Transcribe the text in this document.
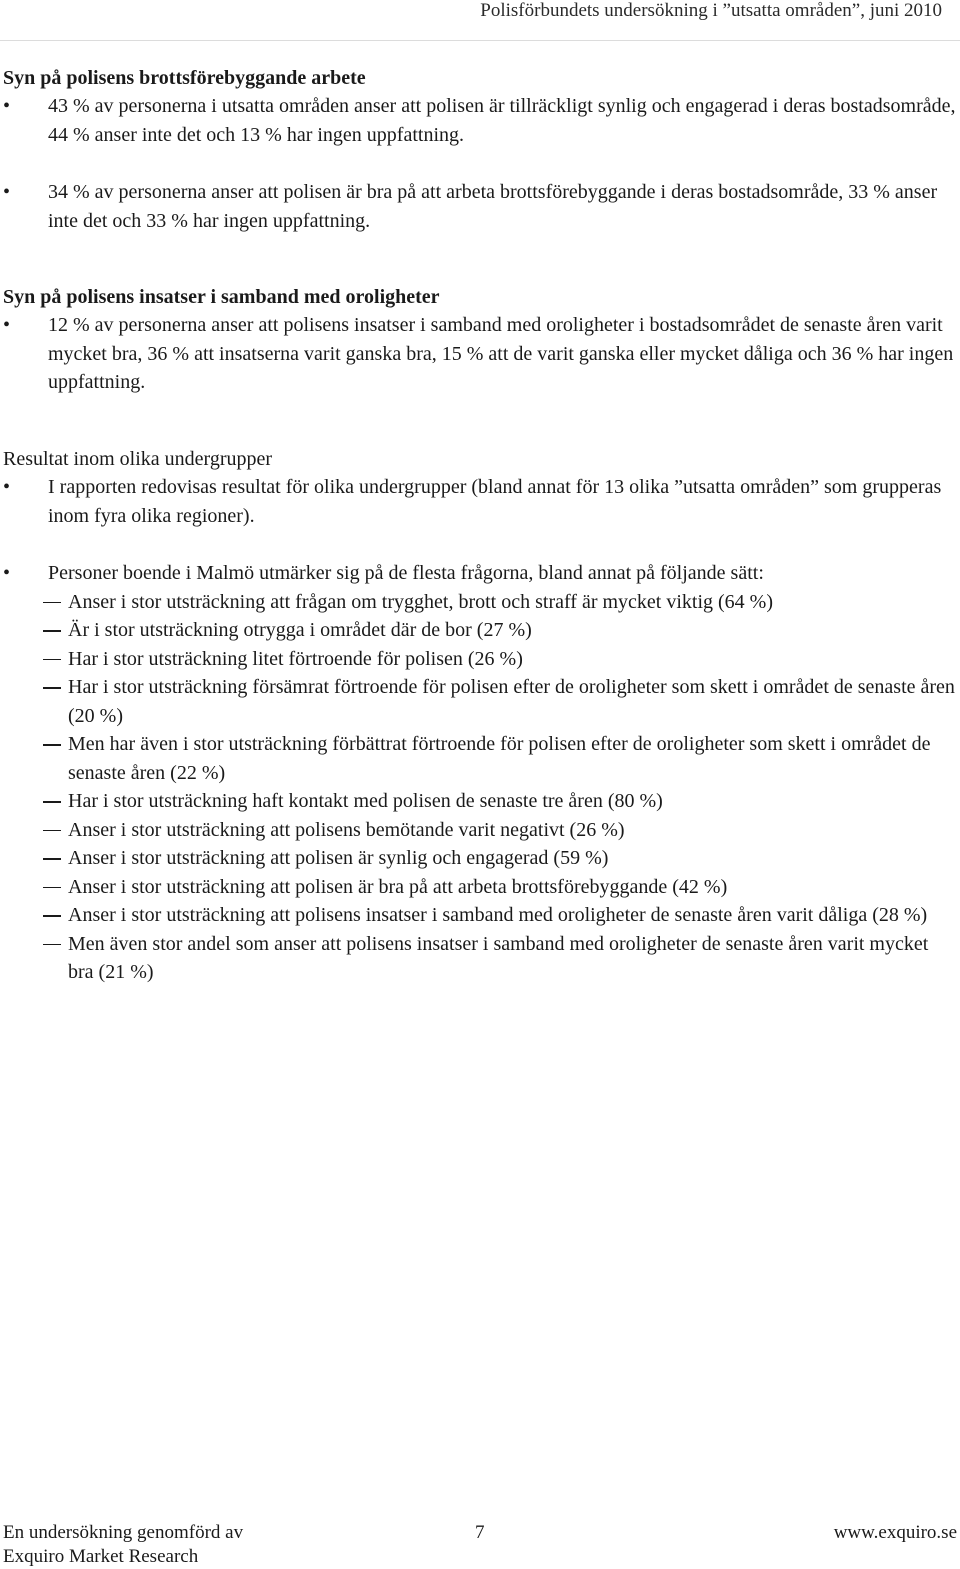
Polisförbundets undersökning i ”utsatta områden”, juni 2010

Syn på polisens brottsförebyggande arbete

• 43 % av personerna i utsatta områden anser att polisen är tillräckligt synlig och engagerad i deras bostadsområde, 44 % anser inte det och 13 % har ingen uppfattning.

• 34 % av personerna anser att polisen är bra på att arbeta brottsförebyggande i deras bostadsområde, 33 % anser inte det och 33 % har ingen uppfattning.

Syn på polisens insatser i samband med oroligheter

• 12 % av personerna anser att polisens insatser i samband med oroligheter i bostadsområdet de senaste åren varit mycket bra, 36 % att insatserna varit ganska bra, 15 % att de varit ganska eller mycket dåliga och 36 % har ingen uppfattning.

Resultat inom olika undergrupper

• I rapporten redovisas resultat för olika undergrupper (bland annat för 13 olika ”utsatta områden” som grupperas inom fyra olika regioner).

• Personer boende i Malmö utmärker sig på de flesta frågorna, bland annat på följande sätt:

Anser i stor utsträckning att frågan om trygghet, brott och straff är mycket viktig (64 %)

Är i stor utsträckning otrygga i området där de bor (27 %)

Har i stor utsträckning litet förtroende för polisen (26 %)

Har i stor utsträckning försämrat förtroende för polisen efter de oroligheter som skett i området de senaste åren (20 %)

Men har även i stor utsträckning förbättrat förtroende för polisen efter de oroligheter som skett i området de senaste åren (22 %)

Har i stor utsträckning haft kontakt med polisen de senaste tre åren (80 %)

Anser i stor utsträckning att polisens bemötande varit negativt (26 %)

Anser i stor utsträckning att polisen är synlig och engagerad (59 %)

Anser i stor utsträckning att polisen är bra på att arbeta brottsförebyggande (42 %)

Anser i stor utsträckning att polisens insatser i samband med oroligheter de senaste åren varit dåliga (28 %)

Men även stor andel som anser att polisens insatser i samband med oroligheter de senaste åren varit mycket bra (21 %)

En undersökning genomförd av
Exquiro Market Research
7	www.exquiro.se
